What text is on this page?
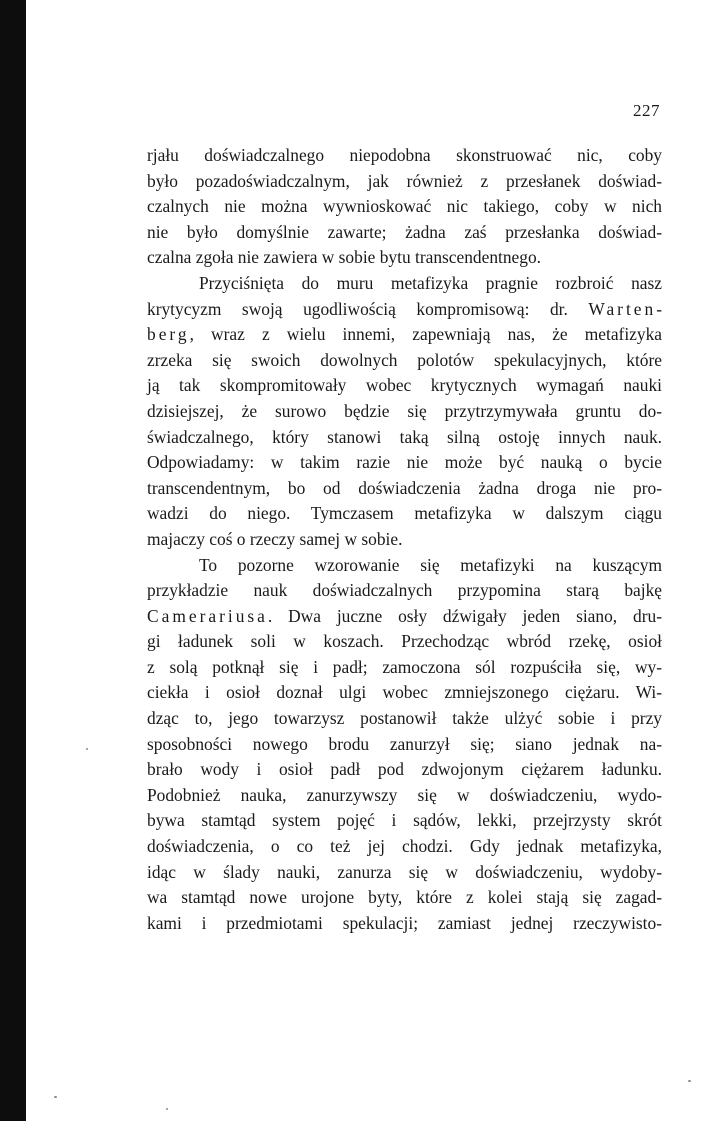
227
rjału doświadczalnego niepodobna skonstruować nic, coby
było pozadoświadczalnym, jak również z przesłanek doświad-
czalnych nie można wywnioskować nic takiego, coby w nich
nie było domyślnie zawarte; żadna zaś przesłanka doświad-
czalna zgoła nie zawiera w sobie bytu transcendentnego.
Przyciśnięta do muru metafizyka pragnie rozbroić nasz
krytycyzm swoją ugodliwością kompromisową: dr. Warten-
berg, wraz z wielu innemi, zapewniają nas, że metafizyka
zrzeka się swoich dowolnych polotów spekulacyjnych, które
ją tak skompromitowały wobec krytycznych wymagań nauki
dzisiejszej, że surowo będzie się przytrzymywała gruntu do-
świadczalnego, który stanowi taką silną ostoję innych nauk.
Odpowiadamy: w takim razie nie może być nauką o bycie
transcendentnym, bo od doświadczenia żadna droga nie pro-
wadzi do niego. Tymczasem metafizyka w dalszym ciągu
majaczy coś o rzeczy samej w sobie.
To pozorne wzorowanie się metafizyki na kuszącym
przykładzie nauk doświadczalnych przypomina starą bajkę
Camerariusa. Dwa juczne osły dźwigały jeden siano, dru-
gi ładunek soli w koszach. Przechodząc wbród rzekę, osioł
z solą potknął się i padł; zamoczona sól rozpuściła się, wy-
ciekła i osioł doznał ulgi wobec zmniejszonego ciężaru. Wi-
dząc to, jego towarzysz postanowił także ulżyć sobie i przy
sposobności nowego brodu zanurzył się; siano jednak na-
brało wody i osioł padł pod zdwojonym ciężarem ładunku.
Podobnież nauka, zanurzywszy się w doświadczeniu, wydo-
bywa stamtąd system pojęć i sądów, lekki, przejrzysty skrót
doświadczenia, o co też jej chodzi. Gdy jednak metafizyka,
idąc w ślady nauki, zanurza się w doświadczeniu, wydoby-
wa stamtąd nowe urojone byty, które z kolei stają się zagad-
kami i przedmiotami spekulacji; zamiast jednej rzeczywisto-
